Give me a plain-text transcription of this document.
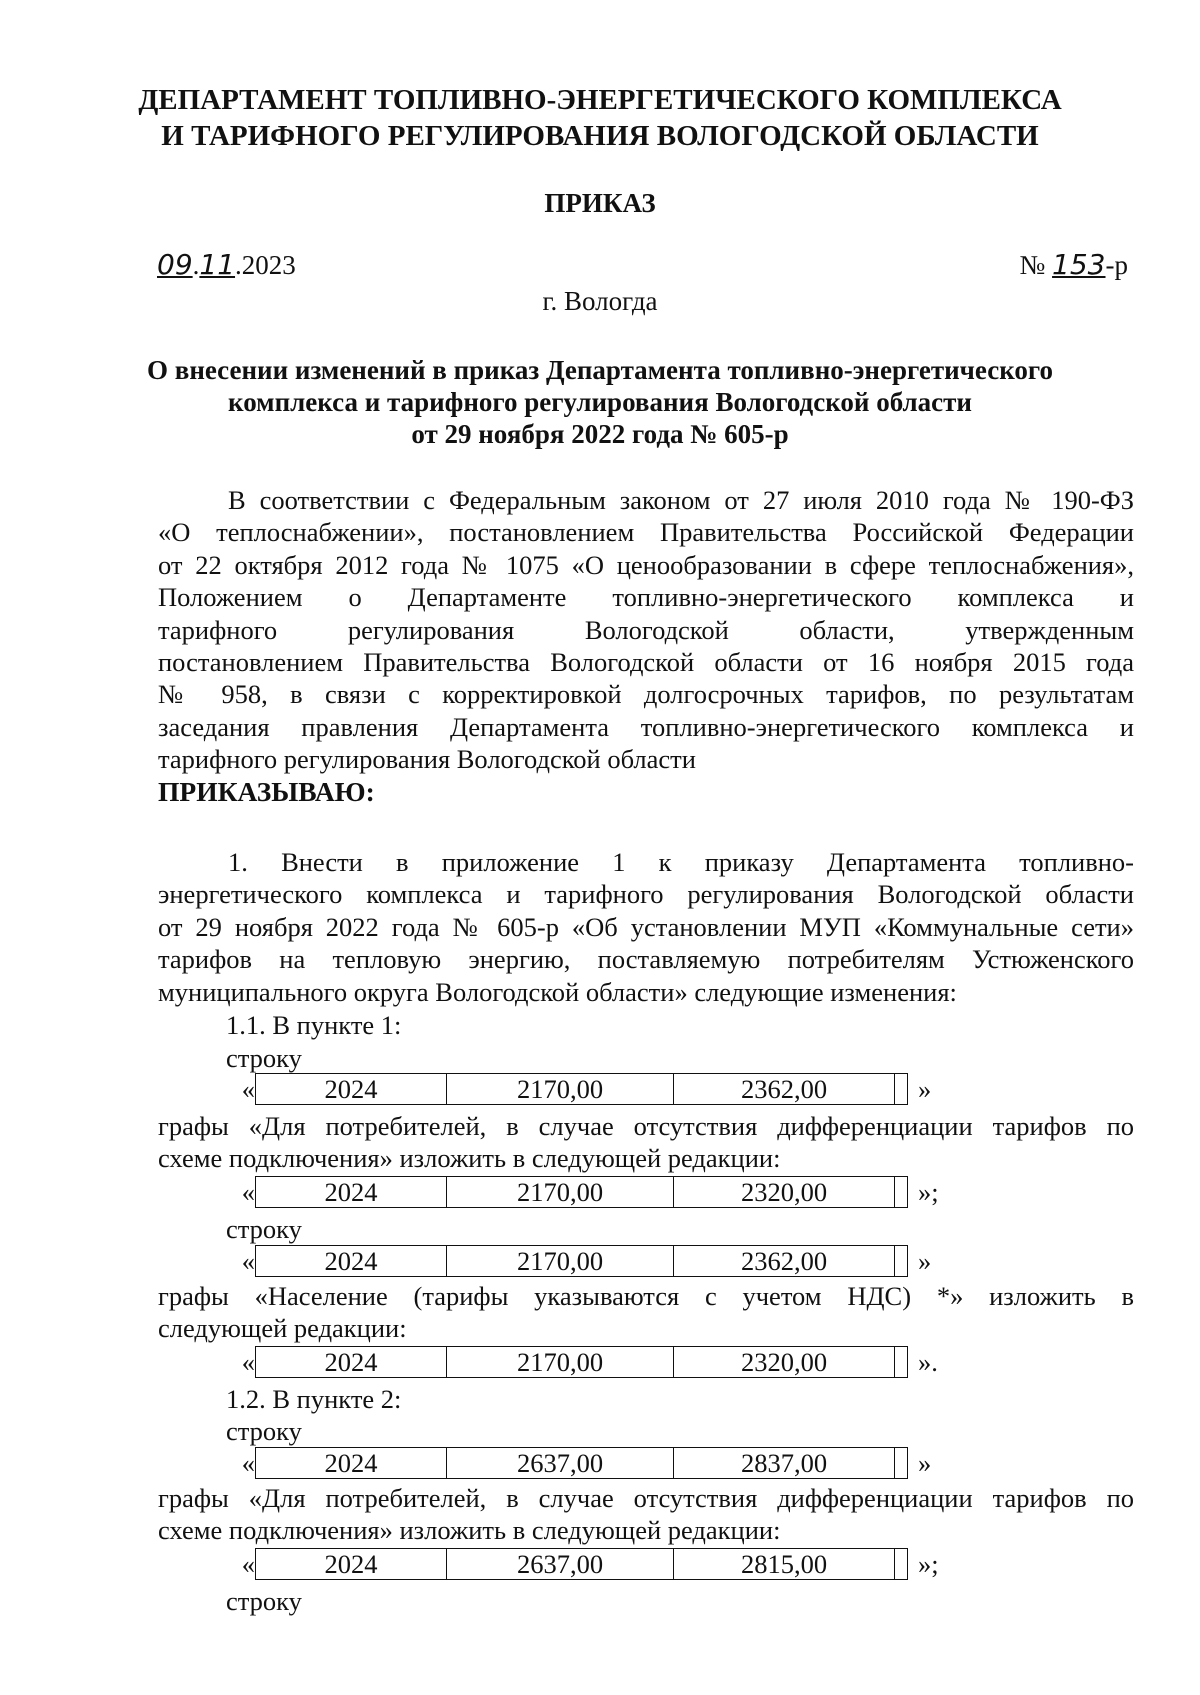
ДЕПАРТАМЕНТ ТОПЛИВНО-ЭНЕРГЕТИЧЕСКОГО КОМПЛЕКСА
И ТАРИФНОГО РЕГУЛИРОВАНИЯ ВОЛОГОДСКОЙ ОБЛАСТИ
ПРИКАЗ
09.11.2023	№ 153-р
г. Вологда
О внесении изменений в приказ Департамента топливно-энергетического
комплекса и тарифного регулирования Вологодской области
от 29 ноября 2022 года № 605-р
В соответствии с Федеральным законом от 27 июля 2010 года № 190-ФЗ
«О теплоснабжении», постановлением Правительства Российской Федерации
от 22 октября 2012 года № 1075 «О ценообразовании в сфере теплоснабжения»,
Положением о Департаменте топливно-энергетического комплекса и
тарифного регулирования Вологодской области, утвержденным
постановлением Правительства Вологодской области от 16 ноября 2015 года
№ 958, в связи с корректировкой долгосрочных тарифов, по результатам
заседания правления Департамента топливно-энергетического комплекса и
тарифного регулирования Вологодской области
ПРИКАЗЫВАЮ:
1. Внести в приложение 1 к приказу Департамента топливно-
энергетического комплекса и тарифного регулирования Вологодской области
от 29 ноября 2022 года № 605-р «Об установлении МУП «Коммунальные сети»
тарифов на тепловую энергию, поставляемую потребителям Устюженского
муниципального округа Вологодской области» следующие изменения:
1.1. В пункте 1:
строку
«	2024	2170,00	2362,00	»
графы «Для потребителей, в случае отсутствия дифференциации тарифов по
схеме подключения» изложить в следующей редакции:
«	2024	2170,00	2320,00	»;
строку
«	2024	2170,00	2362,00	»
графы «Население (тарифы указываются с учетом НДС) *» изложить в
следующей редакции:
«	2024	2170,00	2320,00	».
1.2. В пункте 2:
строку
«	2024	2637,00	2837,00	»
графы «Для потребителей, в случае отсутствия дифференциации тарифов по
схеме подключения» изложить в следующей редакции:
«	2024	2637,00	2815,00	»;
строку
